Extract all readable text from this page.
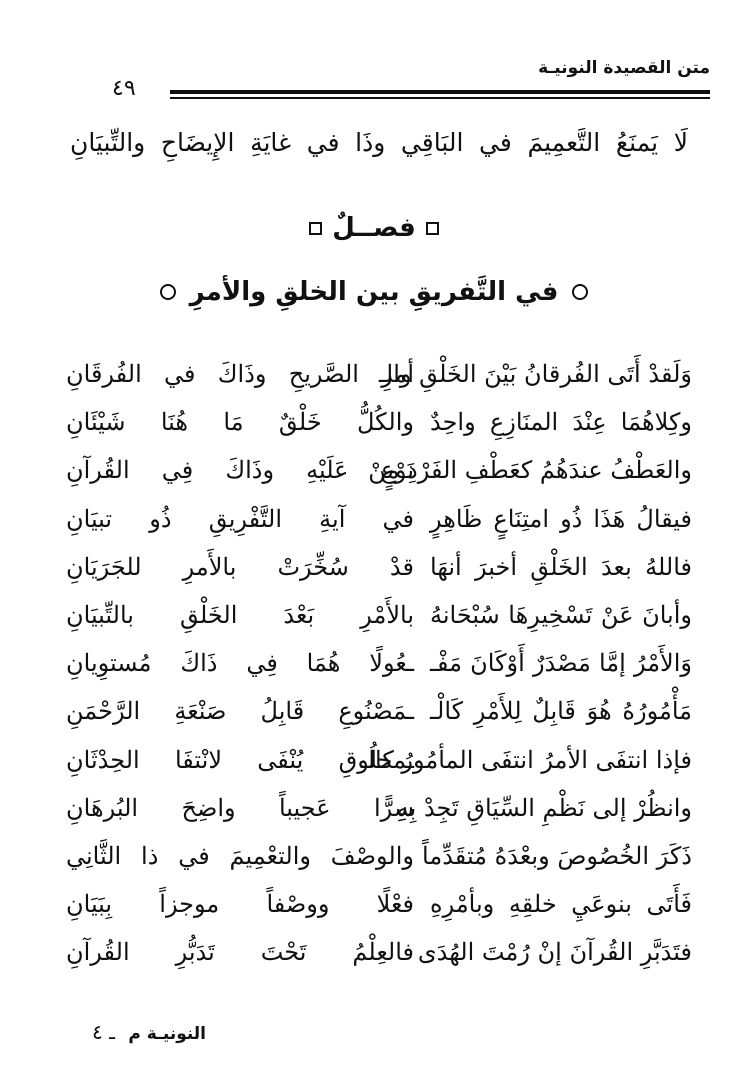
متن القصيدة النونيـة
٤٩
لَا يَمنَعُ التَّعمِيمَ في البَاقِي وذَا في غايَةِ الإِيضَاحِ والتِّبيَانِ
فصــلٌ
في التَّفريقِ بين الخلقِ والأمرِ
وَلَقدْ أَتَى الفُرقانُ بَيْنَ الخَلْقِ والـ
أمرِ الصَّريحِ وذَاكَ في الفُرقَانِ
وكِلاهُمَا عِنْدَ المنَازِعِ واحِدٌ
والكُلُّ خَلْقٌ مَا هُنَا شَيْئَانِ
والعَطْفُ عندَهُمُ كعَطْفِ الفَرْدِ مِنْ
نَوْعٍ عَلَيْهِ وذَاكَ فِي القُرآنِ
فيقالُ هَذَا ذُو امتِنَاعٍ ظَاهِرٍ
في آيةِ التَّفْرِيقِ ذُو تبيَانِ
فاللهُ بعدَ الخَلْقِ أخبرَ أنهَا
قدْ سُخِّرَتْ بالأَمرِ للجَرَيَانِ
وأبانَ عَنْ تَسْخِيرِهَا سُبْحَانهُ
بالأَمْرِ بَعْدَ الخَلْقِ بالتِّبيَانِ
وَالأَمْرُ إمَّا مَصْدَرٌ أَوْكَانَ مَفْـ
ـعُولًا هُمَا فِي ذَاكَ مُستوِيانِ
مَأْمُورُهُ هُوَ قَابِلٌ لِلأَمْرِ كَالْـ
ـمَصْنُوعِ قَابِلُ صَنْعَةِ الرَّحْمَنِ
فإذا انتفَى الأمرُ انتفَى المأمُورُ كالـ
ـمخلُوقِ يُنْفَى لانْتفَا الحِدْثَانِ
وانظُرْ إلى نَظْمِ السِّيَاقِ تَجِدْ بِهِ
سِرًّا عَجيباً واضِحَ البُرهَانِ
ذَكَرَ الخُصُوصَ وبعْدَهُ مُتقَدِّماً
والوصْفَ والتعْمِيمَ في ذا الثَّانِي
فَأَتَى بنوعَيِ خلقِهِ وبأمْرِهِ
فعْلًا ووصْفاً موجزاً بِبَيَانِ
فتَدَبَّرِ القُرآنَ إنْ رُمْتَ الهُدَى
فالعِلْمُ تَحْتَ تَدَبُّرِ القُرآنِ
النونيـة م ـ ٤
